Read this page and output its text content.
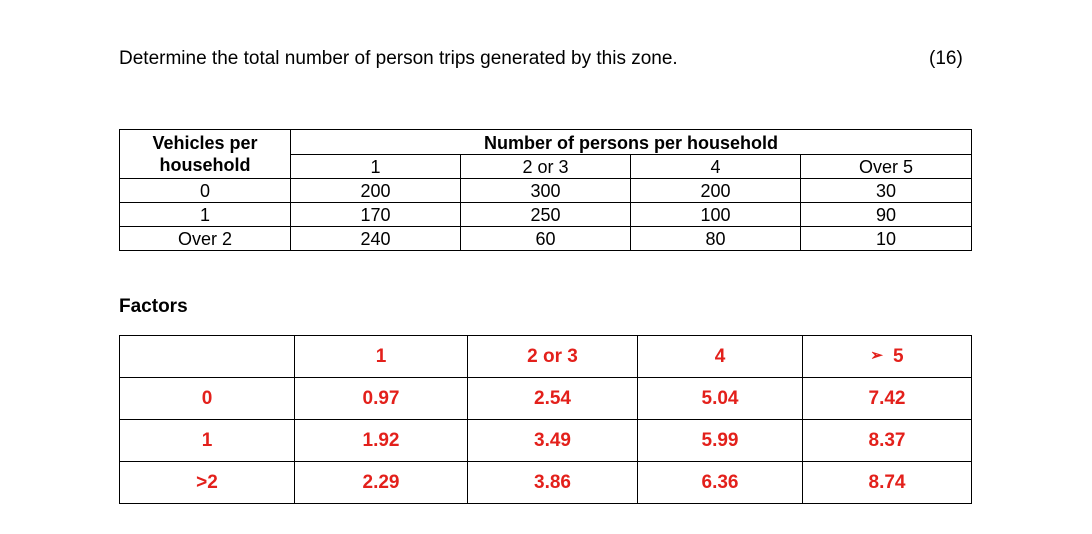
Determine the total number of person trips generated by this zone.	(16)
Vehicles per household	Number of persons per household			
	1	2 or 3	4	Over 5
0	200	300	200	30
1	170	250	100	90
Over 2	240	60	80	10
Factors
	1	2 or 3	4	➢ 5
0	0.97	2.54	5.04	7.42
1	1.92	3.49	5.99	8.37
>2	2.29	3.86	6.36	8.74
